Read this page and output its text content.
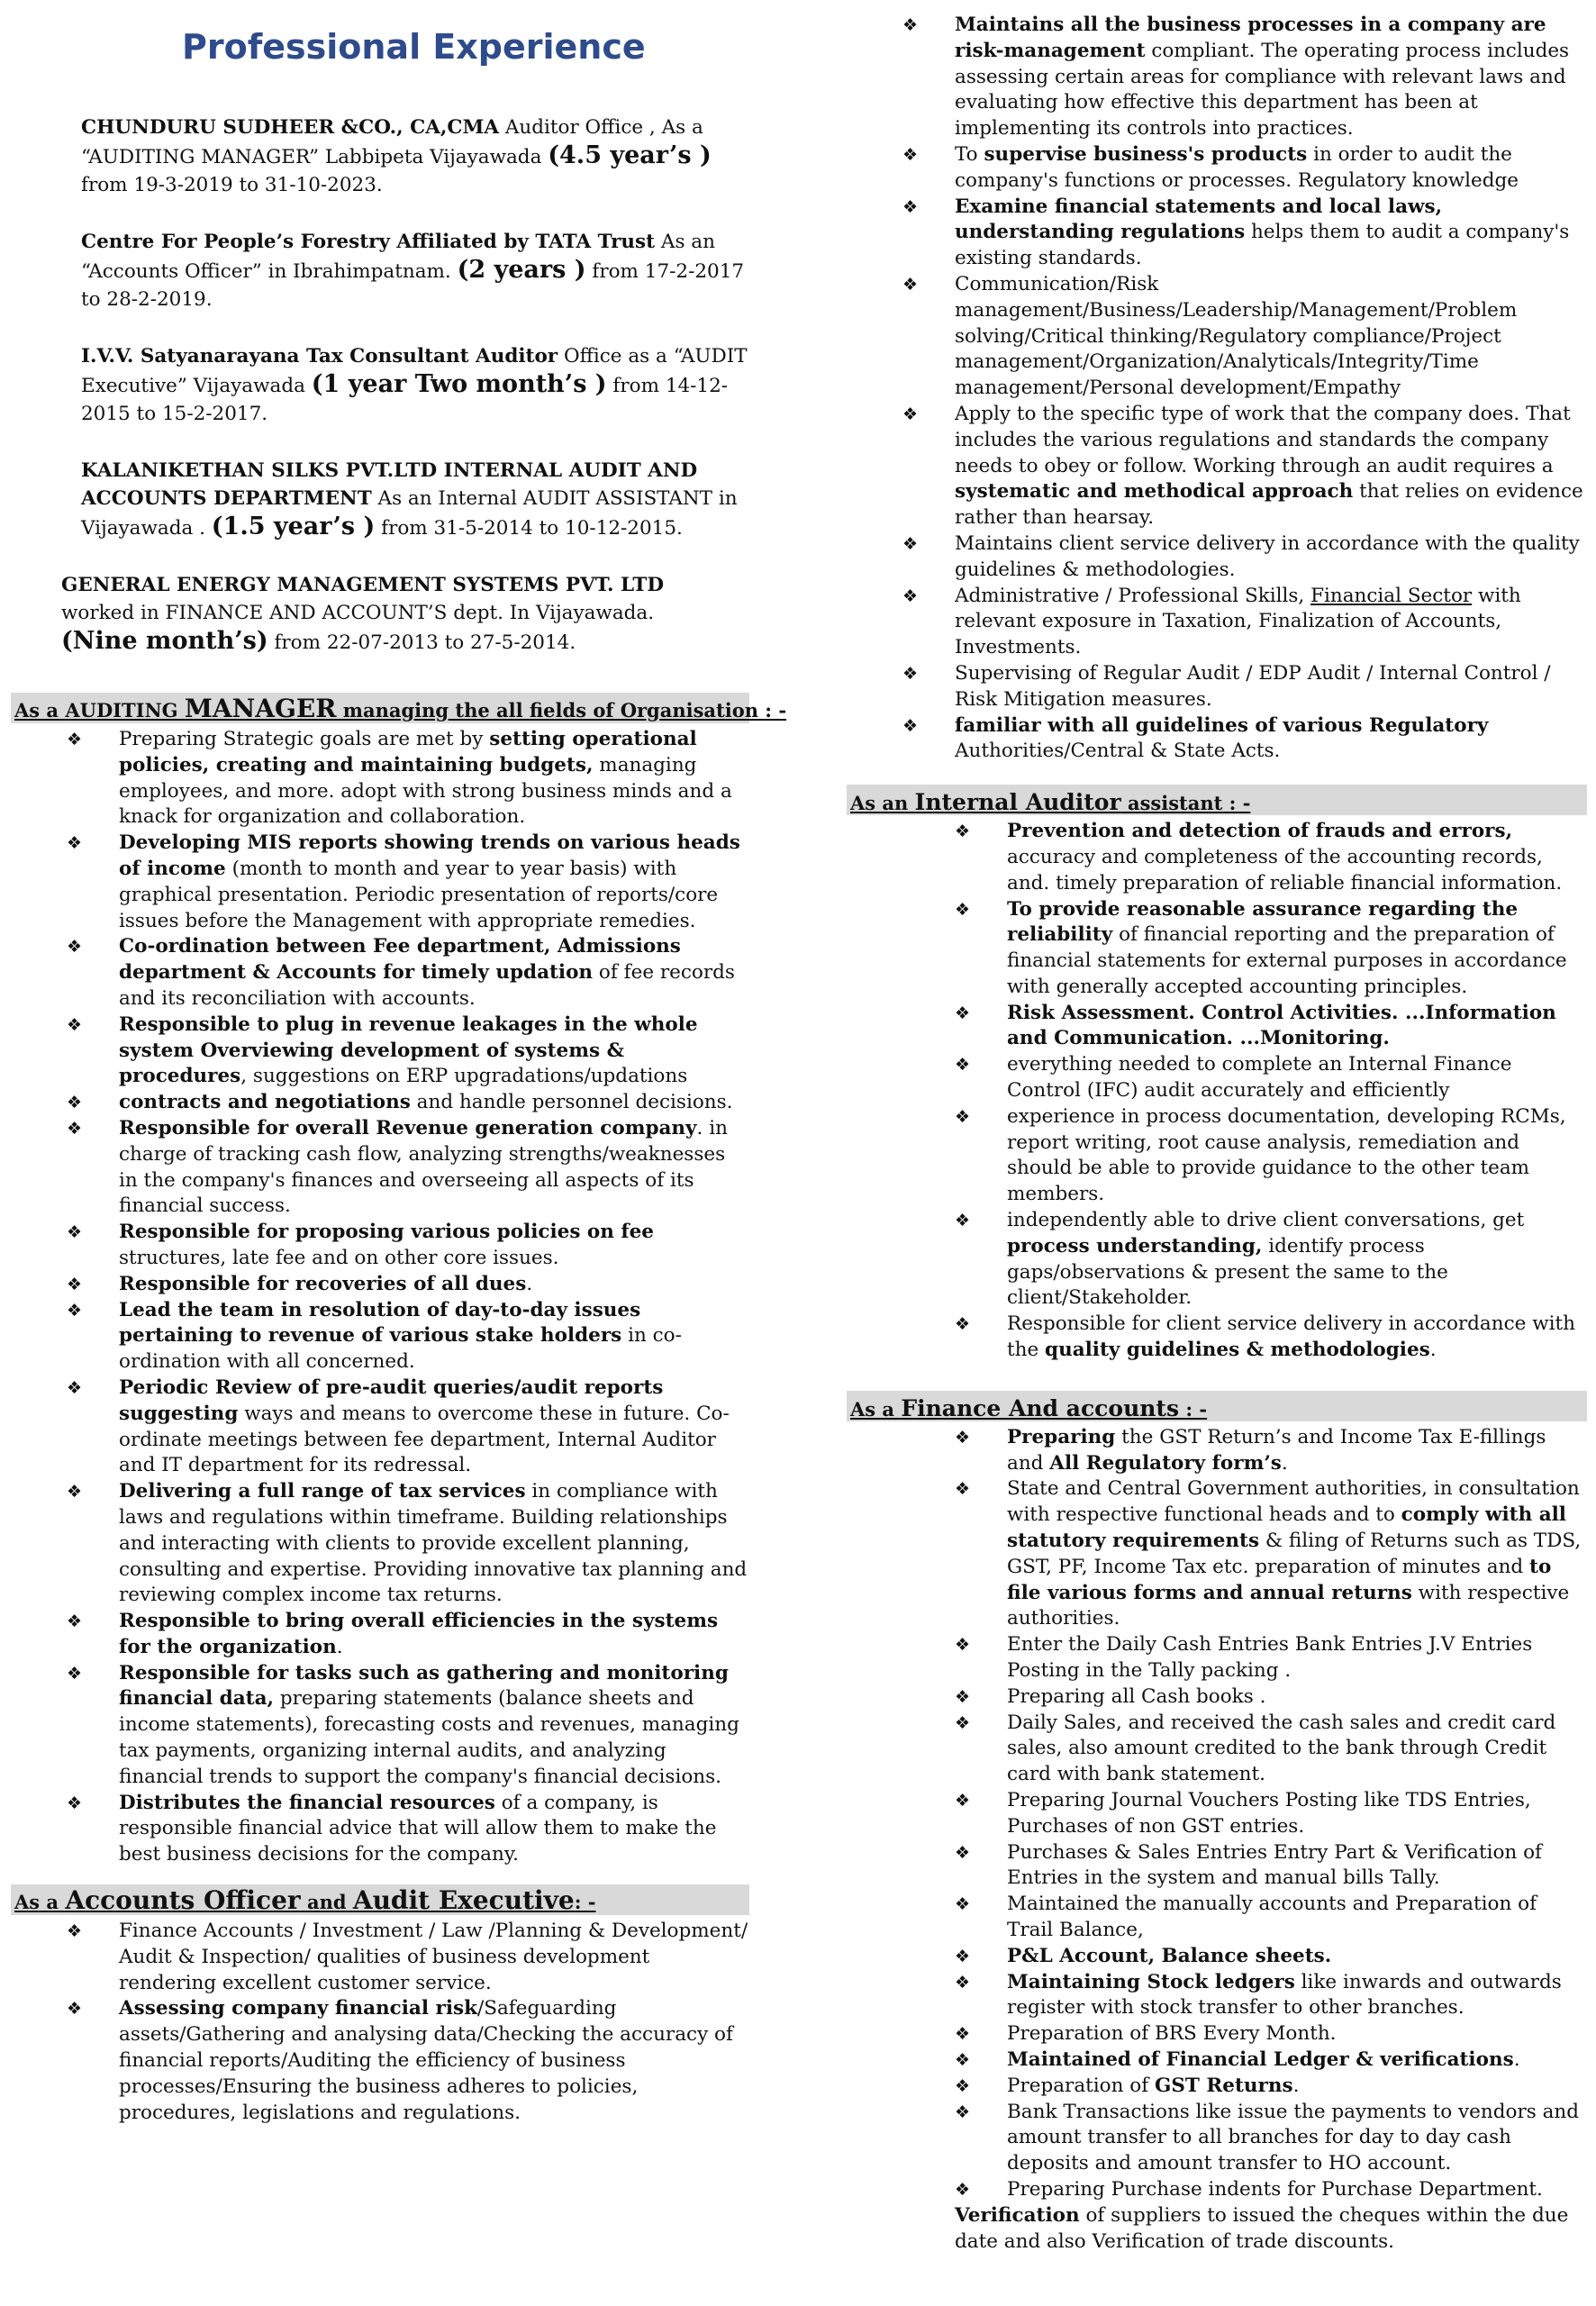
Professional Experience

CHUNDURU SUDHEER &CO., CA,CMA Auditor Office , As a “AUDITING MANAGER” Labbipeta Vijayawada (4.5 year’s ) from 19-3-2019 to 31-10-2023.

Centre For People’s Forestry Affiliated by TATA Trust As an “Accounts Officer” in Ibrahimpatnam. (2 years ) from 17-2-2017 to 28-2-2019.

I.V.V. Satyanarayana Tax Consultant Auditor Office as a “AUDIT Executive” Vijayawada (1 year Two month’s ) from 14-12-2015 to 15-2-2017.

KALANIKETHAN SILKS PVT.LTD INTERNAL AUDIT AND ACCOUNTS DEPARTMENT As an Internal AUDIT ASSISTANT in Vijayawada . (1.5 year’s ) from 31-5-2014 to 10-12-2015.

GENERAL ENERGY MANAGEMENT SYSTEMS PVT. LTD worked in FINANCE AND ACCOUNT’S dept. In Vijayawada. (Nine month’s) from 22-07-2013 to 27-5-2014.

As a AUDITING MANAGER managing the all fields of Organisation : -
❖ Preparing Strategic goals are met by setting operational policies, creating and maintaining budgets, managing employees, and more. adopt with strong business minds and a knack for organization and collaboration.
❖ Developing MIS reports showing trends on various heads of income (month to month and year to year basis) with graphical presentation. Periodic presentation of reports/core issues before the Management with appropriate remedies.
❖ Co-ordination between Fee department, Admissions department & Accounts for timely updation of fee records and its reconciliation with accounts.
❖ Responsible to plug in revenue leakages in the whole system Overviewing development of systems & procedures, suggestions on ERP upgradations/updations
❖ contracts and negotiations and handle personnel decisions.
❖ Responsible for overall Revenue generation company. in charge of tracking cash flow, analyzing strengths/weaknesses in the company's finances and overseeing all aspects of its financial success.
❖ Responsible for proposing various policies on fee structures, late fee and on other core issues.
❖ Responsible for recoveries of all dues.
❖ Lead the team in resolution of day-to-day issues pertaining to revenue of various stake holders in co-ordination with all concerned.
❖ Periodic Review of pre-audit queries/audit reports suggesting ways and means to overcome these in future. Co-ordinate meetings between fee department, Internal Auditor and IT department for its redressal.
❖ Delivering a full range of tax services in compliance with laws and regulations within timeframe. Building relationships and interacting with clients to provide excellent planning, consulting and expertise. Providing innovative tax planning and reviewing complex income tax returns.
❖ Responsible to bring overall efficiencies in the systems for the organization.
❖ Responsible for tasks such as gathering and monitoring financial data, preparing statements (balance sheets and income statements), forecasting costs and revenues, managing tax payments, organizing internal audits, and analyzing financial trends to support the company's financial decisions.
❖ Distributes the financial resources of a company, is responsible financial advice that will allow them to make the best business decisions for the company.
As a Accounts Officer and Audit Executive: -
❖ Finance Accounts / Investment / Law /Planning & Development/ Audit & Inspection/ qualities of business development rendering excellent customer service.
❖ Assessing company financial risk/Safeguarding assets/Gathering and analysing data/Checking the accuracy of financial reports/Auditing the efficiency of business processes/Ensuring the business adheres to policies, procedures, legislations and regulations.
❖ Maintains all the business processes in a company are risk-management compliant. The operating process includes assessing certain areas for compliance with relevant laws and evaluating how effective this department has been at implementing its controls into practices.
❖ To supervise business's products in order to audit the company's functions or processes. Regulatory knowledge
❖ Examine financial statements and local laws, understanding regulations helps them to audit a company's existing standards.
❖ Communication/Risk management/Business/Leadership/Management/Problem solving/Critical thinking/Regulatory compliance/Project management/Organization/Analyticals/Integrity/Time management/Personal development/Empathy
❖ Apply to the specific type of work that the company does. That includes the various regulations and standards the company needs to obey or follow. Working through an audit requires a systematic and methodical approach that relies on evidence rather than hearsay.
❖ Maintains client service delivery in accordance with the quality guidelines & methodologies.
❖ Administrative / Professional Skills, Financial Sector with relevant exposure in Taxation, Finalization of Accounts, Investments.
❖ Supervising of Regular Audit / EDP Audit / Internal Control / Risk Mitigation measures.
❖ familiar with all guidelines of various Regulatory Authorities/Central & State Acts.
As an Internal Auditor assistant : -
❖ Prevention and detection of frauds and errors, accuracy and completeness of the accounting records, and. timely preparation of reliable financial information.
❖ To provide reasonable assurance regarding the reliability of financial reporting and the preparation of financial statements for external purposes in accordance with generally accepted accounting principles.
❖ Risk Assessment. Control Activities. ...Information and Communication. ...Monitoring.
❖ everything needed to complete an Internal Finance Control (IFC) audit accurately and efficiently
❖ experience in process documentation, developing RCMs, report writing, root cause analysis, remediation and should be able to provide guidance to the other team members.
❖ independently able to drive client conversations, get process understanding, identify process gaps/observations & present the same to the client/Stakeholder.
❖ Responsible for client service delivery in accordance with the quality guidelines & methodologies.
As a Finance And accounts : -
❖ Preparing the GST Return’s and Income Tax E-fillings and All Regulatory form’s.
❖ State and Central Government authorities, in consultation with respective functional heads and to comply with all statutory requirements & filing of Returns such as TDS, GST, PF, Income Tax etc. preparation of minutes and to file various forms and annual returns with respective authorities.
❖ Enter the Daily Cash Entries Bank Entries J.V Entries Posting in the Tally packing .
❖ Preparing all Cash books .
❖ Daily Sales, and received the cash sales and credit card sales, also amount credited to the bank through Credit card with bank statement.
❖ Preparing Journal Vouchers Posting like TDS Entries, Purchases of non GST entries.
❖ Purchases & Sales Entries Entry Part & Verification of Entries in the system and manual bills Tally.
❖ Maintained the manually accounts and Preparation of Trail Balance,
❖ P&L Account, Balance sheets.
❖ Maintaining Stock ledgers like inwards and outwards register with stock transfer to other branches.
❖ Preparation of BRS Every Month.
❖ Maintained of Financial Ledger & verifications.
❖ Preparation of GST Returns.
❖ Bank Transactions like issue the payments to vendors and amount transfer to all branches for day to day cash deposits and amount transfer to HO account.
❖ Preparing Purchase indents for Purchase Department.

Verification of suppliers to issued the cheques within the due date and also Verification of trade discounts.
